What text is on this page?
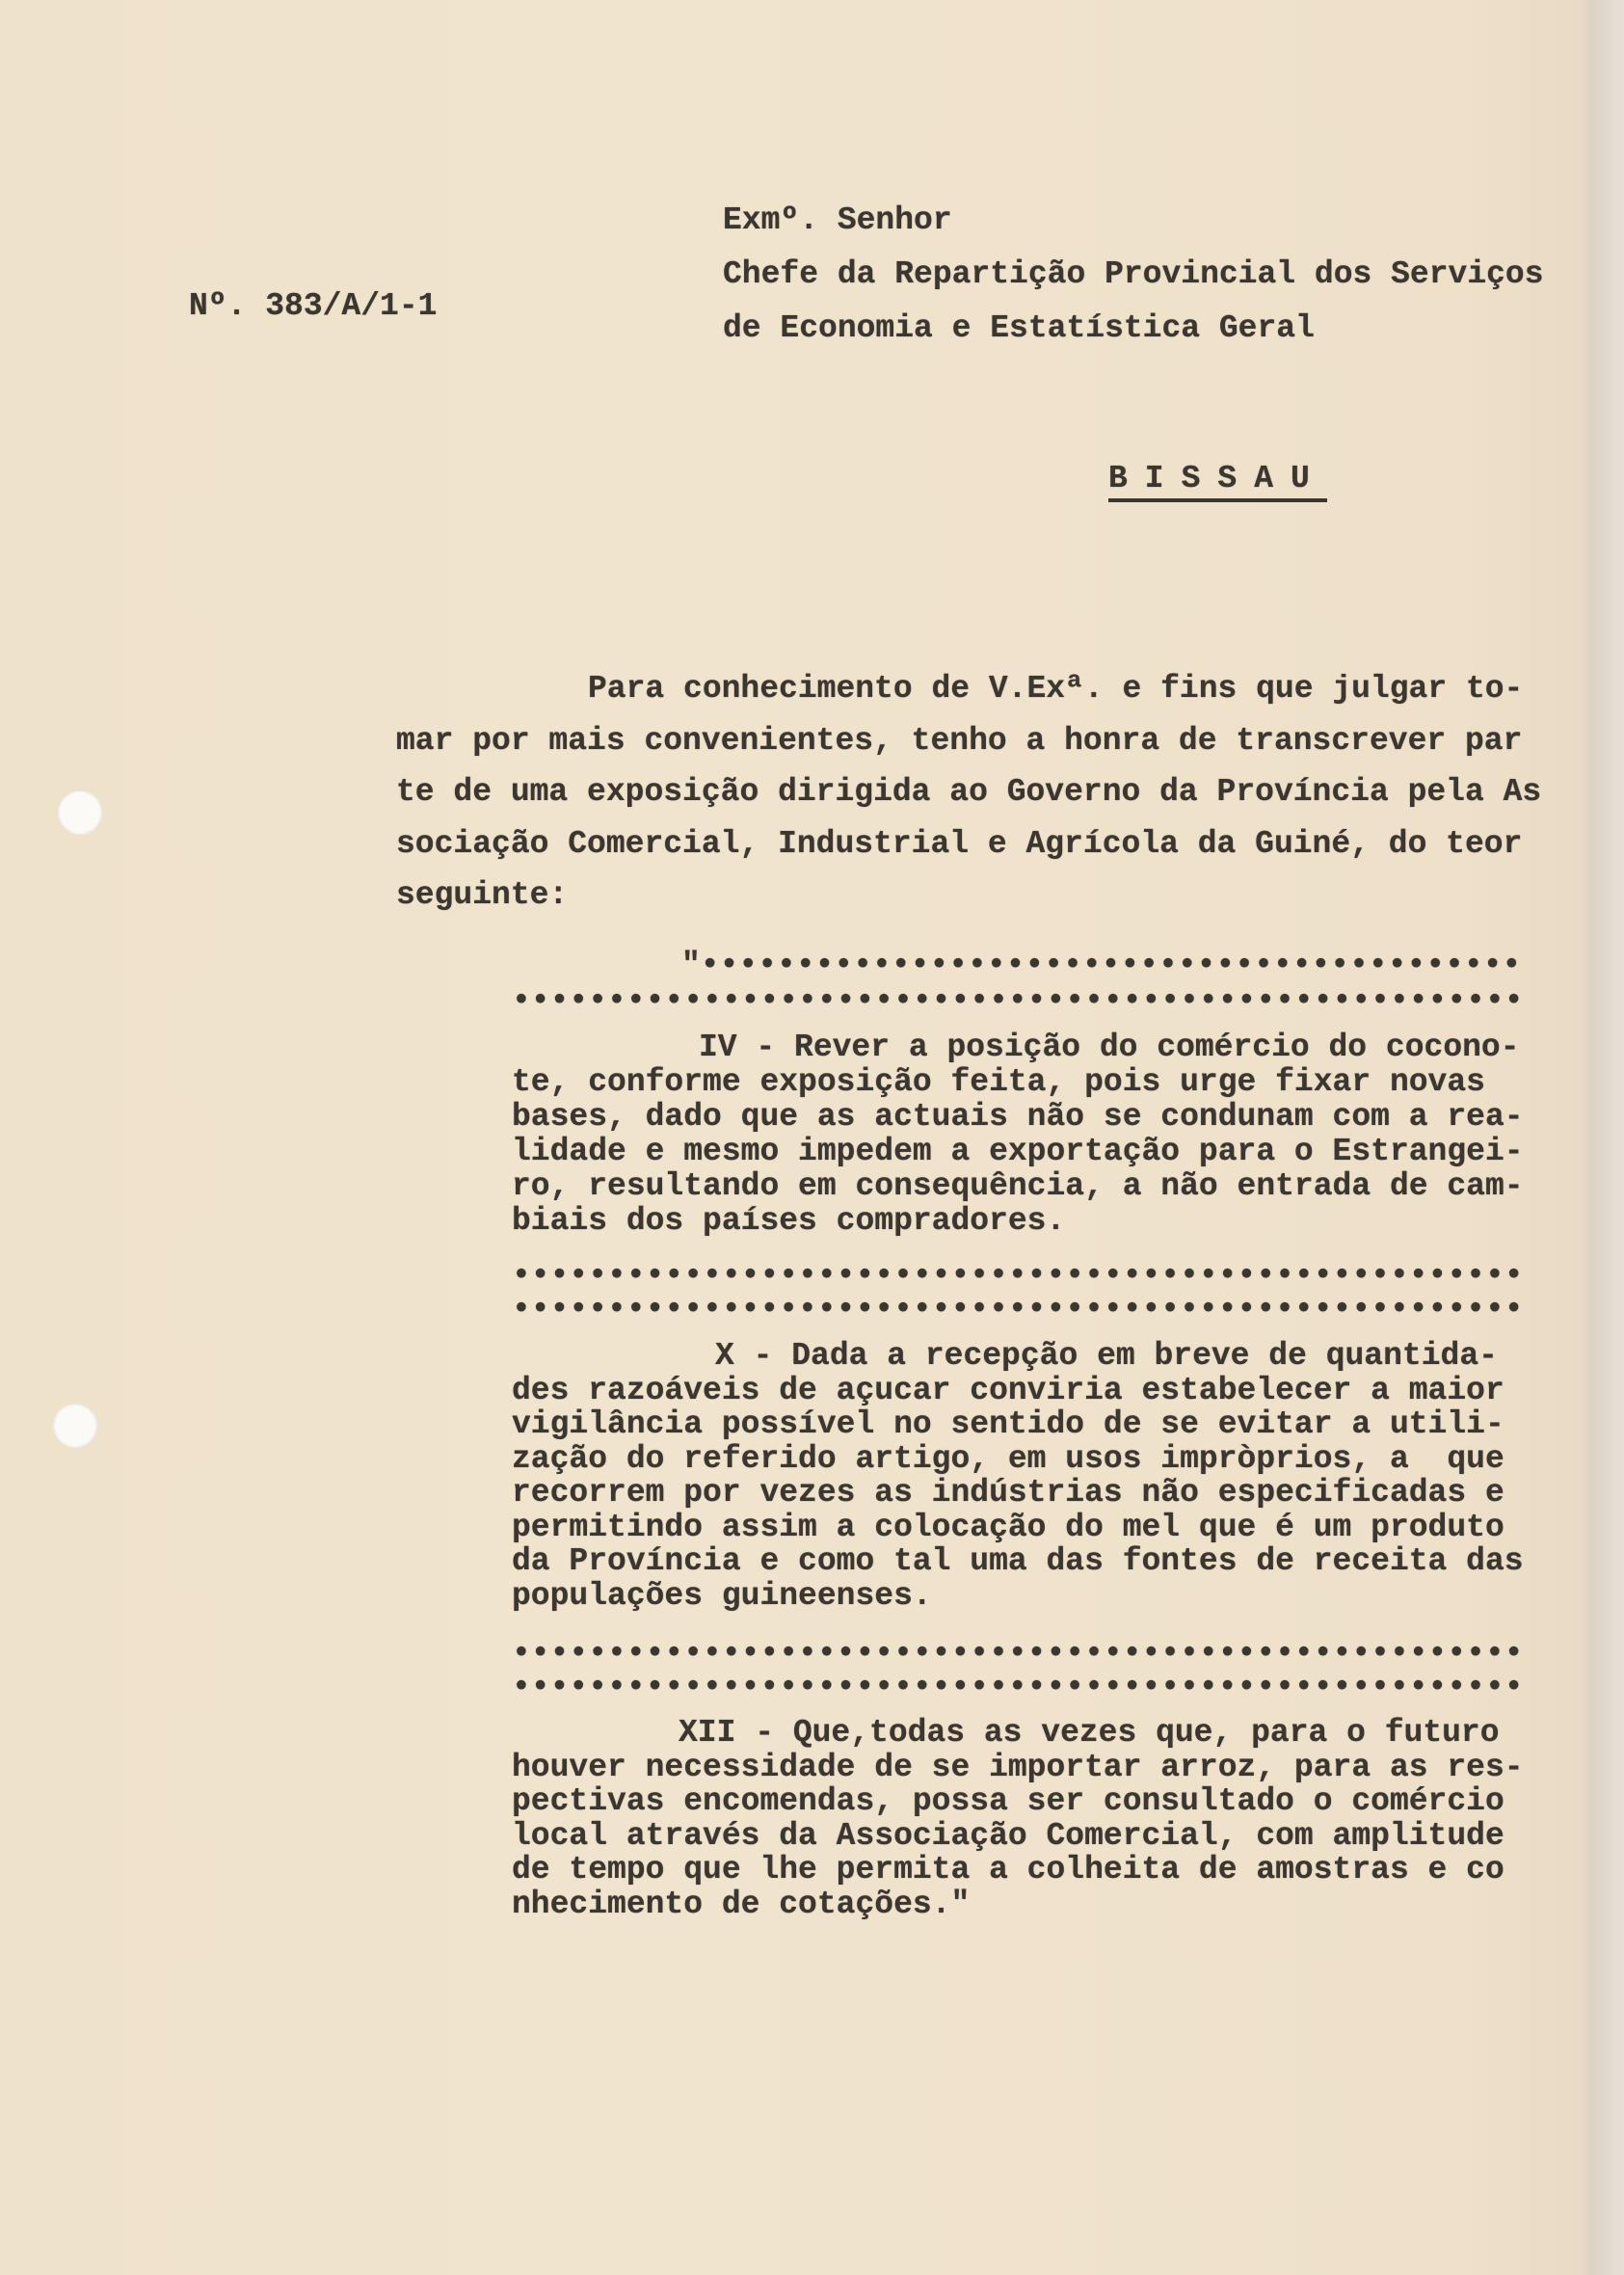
Nº. 383/A/1-1
Exmº. Senhor
Chefe da Repartição Provincial dos Serviços
de Economia e Estatística Geral
BISSAU
Para conhecimento de V.Exª. e fins que julgar to-
mar por mais convenientes, tenho a honra de transcrever par
te de uma exposição dirigida ao Governo da Província pela As
sociação Comercial, Industrial e Agrícola da Guiné, do teor
seguinte:
"•••••••••••••••••••••••••••••••••••••••••••
•••••••••••••••••••••••••••••••••••••••••••••••••••••
IV - Rever a posição do comércio do cocono-
te, conforme exposição feita, pois urge fixar novas
bases, dado que as actuais não se condunam com a rea-
lidade e mesmo impedem a exportação para o Estrangei-
ro, resultando em consequência, a não entrada de cam-
biais dos países compradores.
•••••••••••••••••••••••••••••••••••••••••••••••••••••
•••••••••••••••••••••••••••••••••••••••••••••••••••••
X - Dada a recepção em breve de quantida-
des razoáveis de açucar conviria estabelecer a maior
vigilância possível no sentido de se evitar a utili-
zação do referido artigo, em usos impròprios, a  que
recorrem por vezes as indústrias não especificadas e
permitindo assim a colocação do mel que é um produto
da Província e como tal uma das fontes de receita das
populações guineenses.
•••••••••••••••••••••••••••••••••••••••••••••••••••••
•••••••••••••••••••••••••••••••••••••••••••••••••••••
XII - Que,todas as vezes que, para o futuro
houver necessidade de se importar arroz, para as res-
pectivas encomendas, possa ser consultado o comércio
local através da Associação Comercial, com amplitude
de tempo que lhe permita a colheita de amostras e co
nhecimento de cotações."
